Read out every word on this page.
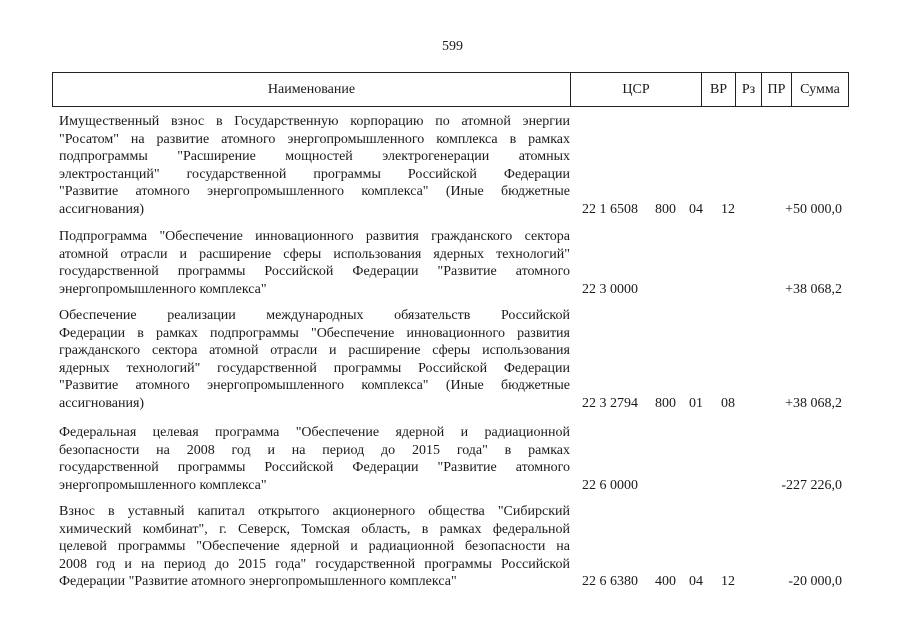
599
Наименование	ЦСР	ВР	Рз ПР	Сумма
Имущественный взнос в Государственную корпорацию по атомной энергии
"Росатом" на развитие атомного энергопромышленного комплекса в рамках
подпрограммы "Расширение мощностей электрогенерации атомных
электростанций" государственной программы Российской Федерации
"Развитие атомного энергопромышленного комплекса" (Иные бюджетные
ассигнования)	22 1 6508 800 04 12	+50 000,0
Подпрограмма "Обеспечение инновационного развития гражданского сектора
атомной отрасли и расширение сферы использования ядерных технологий"
государственной программы Российской Федерации "Развитие атомного
энергопромышленного комплекса"	22 3 0000	+38 068,2
Обеспечение реализации международных обязательств Российской
Федерации в рамках подпрограммы "Обеспечение инновационного развития
гражданского сектора атомной отрасли и расширение сферы использования
ядерных технологий" государственной программы Российской Федерации
"Развитие атомного энергопромышленного комплекса" (Иные бюджетные
ассигнования)	22 3 2794 800 01 08	+38 068,2
Федеральная целевая программа "Обеспечение ядерной и радиационной
безопасности на 2008 год и на период до 2015 года" в рамках
государственной программы Российской Федерации "Развитие атомного
энергопромышленного комплекса"	22 6 0000	-227 226,0
Взнос в уставный капитал открытого акционерного общества "Сибирский
химический комбинат", г. Северск, Томская область, в рамках федеральной
целевой программы "Обеспечение ядерной и радиационной безопасности на
2008 год и на период до 2015 года" государственной программы Российской
Федерации "Развитие атомного энергопромышленного комплекса"	22 6 6380 400 04 12	-20 000,0
